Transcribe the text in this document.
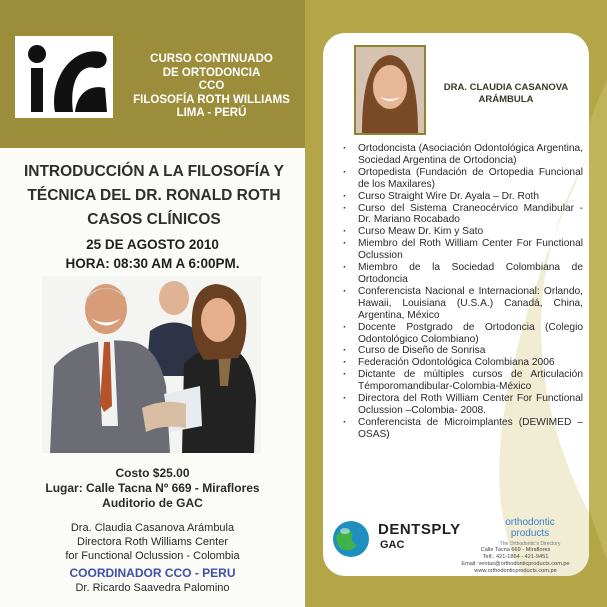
CURSO CONTINUADO
DE ORTODONCIA
CCO
FILOSOFÍA ROTH WILLIAMS
LIMA - PERÚ
INTRODUCCIÓN A LA FILOSOFÍA Y
TÉCNICA DEL DR. RONALD ROTH
CASOS CLÍNICOS
25 DE AGOSTO 2010
HORA: 08:30 AM A 6:00PM.
Costo $25.00
Lugar: Calle Tacna Nº 669 - Miraflores
Auditorio de GAC
Dra. Claudia Casanova Arámbula
Directora Roth Williams Center
for Functional Oclussion - Colombia
COORDINADOR CCO - PERU
Dr. Ricardo Saavedra Palomino
DRA. CLAUDIA CASANOVA
ARÁMBULA
· Ortodoncista (Asociación Odontológica Argentina, Sociedad Argentina de Ortodoncia)
· Ortopedista (Fundación de Ortopedia Funcional de los Maxilares)
· Curso Straight Wire Dr. Ayala – Dr. Roth
· Curso del Sistema Craneocérvico Mandibular - Dr. Mariano Rocabado
· Curso Meaw Dr. Kim y Sato
· Miembro del Roth William Center For Functional Oclussion
· Miembro de la Sociedad Colombiana de Ortodoncia
· Conferencista Nacional e Internacional: Orlando, Hawaii, Louisiana (U.S.A.) Canadá, China, Argentina, México
· Docente Postgrado de Ortodoncia (Colegio Odontológico Colombiano)
· Curso de Diseño de Sonrisa
· Federación Odontológica Colombiana 2006
· Dictante de múltiples cursos de Articulación Témporomandibular-Colombia-México
· Directora del Roth William Center For Functional Oclussion –Colombia- 2008.
· Conferencista de Microimplantes (DEWIMED – OSAS)
DENTSPLY
GAC
orthodontic
products
The Orthodontic's Directory
Calle Tacna 669 - Miraflores
Telf.: 421-1864 - 421-9451
Email: ventas@orthodonticproducts.com.pe
www.orthodonticproducts.com.pe
